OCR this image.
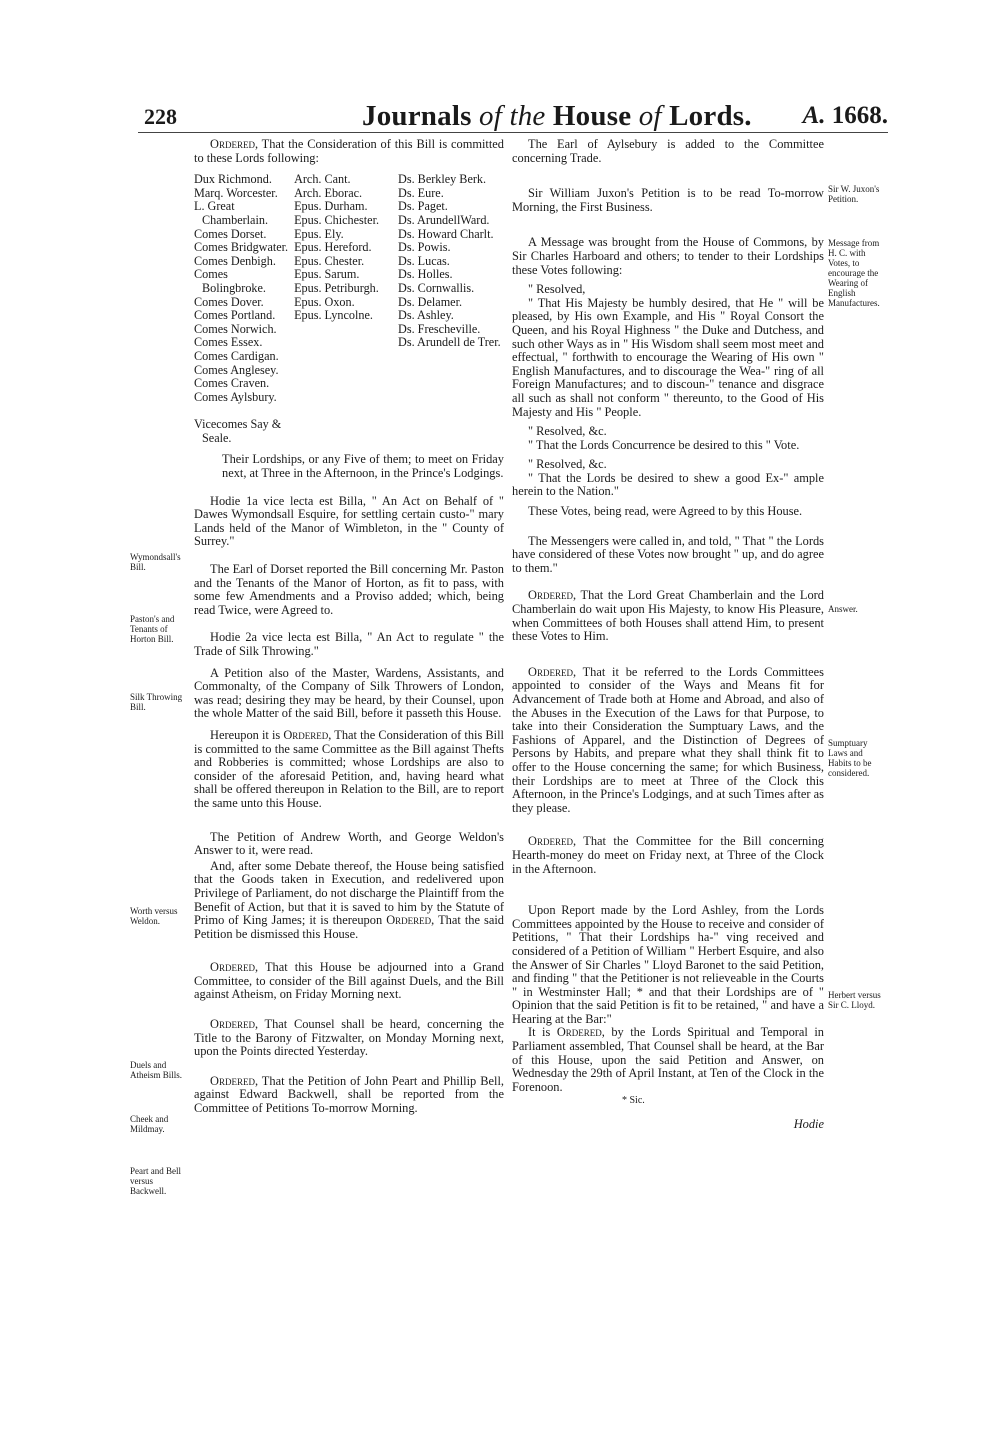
228	Journals of the House of Lords. A. 1668.

Ordered, That the Consideration of this Bill is committed to these Lords following:

Dux Richmond.
Marq. Worcester.
L. Great Chamberlain.
Comes Dorset.
Comes Bridgwater.
Comes Denbigh.
Comes Bolingbroke.
Comes Dover.
Comes Portland.
Comes Norwich.
Comes Essex.
Comes Cardigan.
Comes Anglesey.
Comes Craven.
Comes Aylsbury.
Vicecomes Say & Seale.
Arch. Cant.
Arch. Eborac.
Epus. Durham.
Epus. Chichester.
Epus. Ely.
Epus. Hereford.
Epus. Chester.
Epus. Sarum.
Epus. Petriburgh.
Epus. Oxon.
Epus. Lyncolne.
Ds. Berkley Berk.
Ds. Eure.
Ds. Paget.
Ds. ArundellWard.
Ds. Howard Charlt.
Ds. Powis.
Ds. Lucas.
Ds. Holles.
Ds. Cornwallis.
Ds. Delamer.
Ds. Ashley.
Ds. Frescheville.
Ds. Arundell de Trer.

Their Lordships, or any Five of them; to meet on Friday next, at Three in the Afternoon, in the Prince's Lodgings.

Hodie 1a vice lecta est Billa, " An Act on Behalf of " Dawes Wymondsall Esquire, for settling certain custo-" mary Lands held of the Manor of Wimbleton, in the " County of Surrey."

The Earl of Dorset reported the Bill concerning Mr. Paston and the Tenants of the Manor of Horton, as fit to pass, with some few Amendments and a Proviso added; which, being read Twice, were Agreed to.

Hodie 2a vice lecta est Billa, " An Act to regulate " the Trade of Silk Throwing."

A Petition also of the Master, Wardens, Assistants, and Commonalty, of the Company of Silk Throwers of London, was read; desiring they may be heard, by their Counsel, upon the whole Matter of the said Bill, before it passeth this House.

Hereupon it is Ordered, That the Consideration of this Bill is committed to the same Committee as the Bill against Thefts and Robberies is committed; whose Lordships are also to consider of the aforesaid Petition, and, having heard what shall be offered thereupon in Relation to the Bill, are to report the same unto this House.

The Petition of Andrew Worth, and George Weldon's Answer to it, were read.

And, after some Debate thereof, the House being satisfied that the Goods taken in Execution, and redelivered upon Privilege of Parliament, do not discharge the Plaintiff from the Benefit of Action, but that it is saved to him by the Statute of Primo of King James; it is thereupon Ordered, That the said Petition be dismissed this House.

Ordered, That this House be adjourned into a Grand Committee, to consider of the Bill against Duels, and the Bill against Atheism, on Friday Morning next.

Ordered, That Counsel shall be heard, concerning the Title to the Barony of Fitzwalter, on Monday Morning next, upon the Points directed Yesterday.

Ordered, That the Petition of John Peart and Phillip Bell, against Edward Backwell, shall be reported from the Committee of Petitions To-morrow Morning.

The Earl of Aylsebury is added to the Committee concerning Trade.

Sir William Juxon's Petition is to be read To-morrow Morning, the First Business.

A Message was brought from the House of Commons, by Sir Charles Harboard and others; to tender to their Lordships these Votes following:

" Resolved,

" That His Majesty be humbly desired, that He " will be pleased, by His own Example, and His " Royal Consort the Queen, and his Royal Highness " the Duke and Dutchess, and such other Ways as in " His Wisdom shall seem most meet and effectual, " forthwith to encourage the Wearing of His own " English Manufactures, and to discourage the Wea-" ring of all Foreign Manufactures; and to discoun-" tenance and disgrace all such as shall not conform " thereunto, to the Good of His Majesty and His " People.

" Resolved, &c.

" That the Lords Concurrence be desired to this " Vote.

" Resolved, &c.

" That the Lords be desired to shew a good Ex-" ample herein to the Nation."

These Votes, being read, were Agreed to by this House.

The Messengers were called in, and told, " That " the Lords have considered of these Votes now brought " up, and do agree to them."

Ordered, That the Lord Great Chamberlain and the Lord Chamberlain do wait upon His Majesty, to know His Pleasure, when Committees of both Houses shall attend Him, to present these Votes to Him.

Ordered, That it be referred to the Lords Committees appointed to consider of the Ways and Means fit for Advancement of Trade both at Home and Abroad, and also of the Abuses in the Execution of the Laws for that Purpose, to take into their Consideration the Sumptuary Laws, and the Fashions of Apparel, and the Distinction of Degrees of Persons by Habits, and prepare what they shall think fit to offer to the House concerning the same; for which Business, their Lordships are to meet at Three of the Clock this Afternoon, in the Prince's Lodgings, and at such Times after as they please.

Ordered, That the Committee for the Bill concerning Hearth-money do meet on Friday next, at Three of the Clock in the Afternoon.

Upon Report made by the Lord Ashley, from the Lords Committees appointed by the House to receive and consider of Petitions, " That their Lordships ha-" ving received and considered of a Petition of William " Herbert Esquire, and also the Answer of Sir Charles " Lloyd Baronet to the said Petition, and finding " that the Petitioner is not relieveable in the Courts " in Westminster Hall; * and that their Lordships are of " Opinion that the said Petition is fit to be retained, " and have a Hearing at the Bar:"

It is Ordered, by the Lords Spiritual and Temporal in Parliament assembled, That Counsel shall be heard, at the Bar of this House, upon the said Petition and Answer, on Wednesday the 29th of April Instant, at Ten of the Clock in the Forenoon.

* Sic.

Hodie

Wymondsall's Bill.
Paston's and Tenants of Horton Bill.
Silk Throwing Bill.
Worth versus Weldon.
Duels and Atheism Bills.
Cheek and Mildmay.
Peart and Bell versus Backwell.
Sir W. Juxon's Petition.
Message from H. C. with Votes, to encourage the Wearing of English Manufactures.
Answer.
Sumptuary Laws and Habits to be considered.
Herbert versus Sir C. Lloyd.
